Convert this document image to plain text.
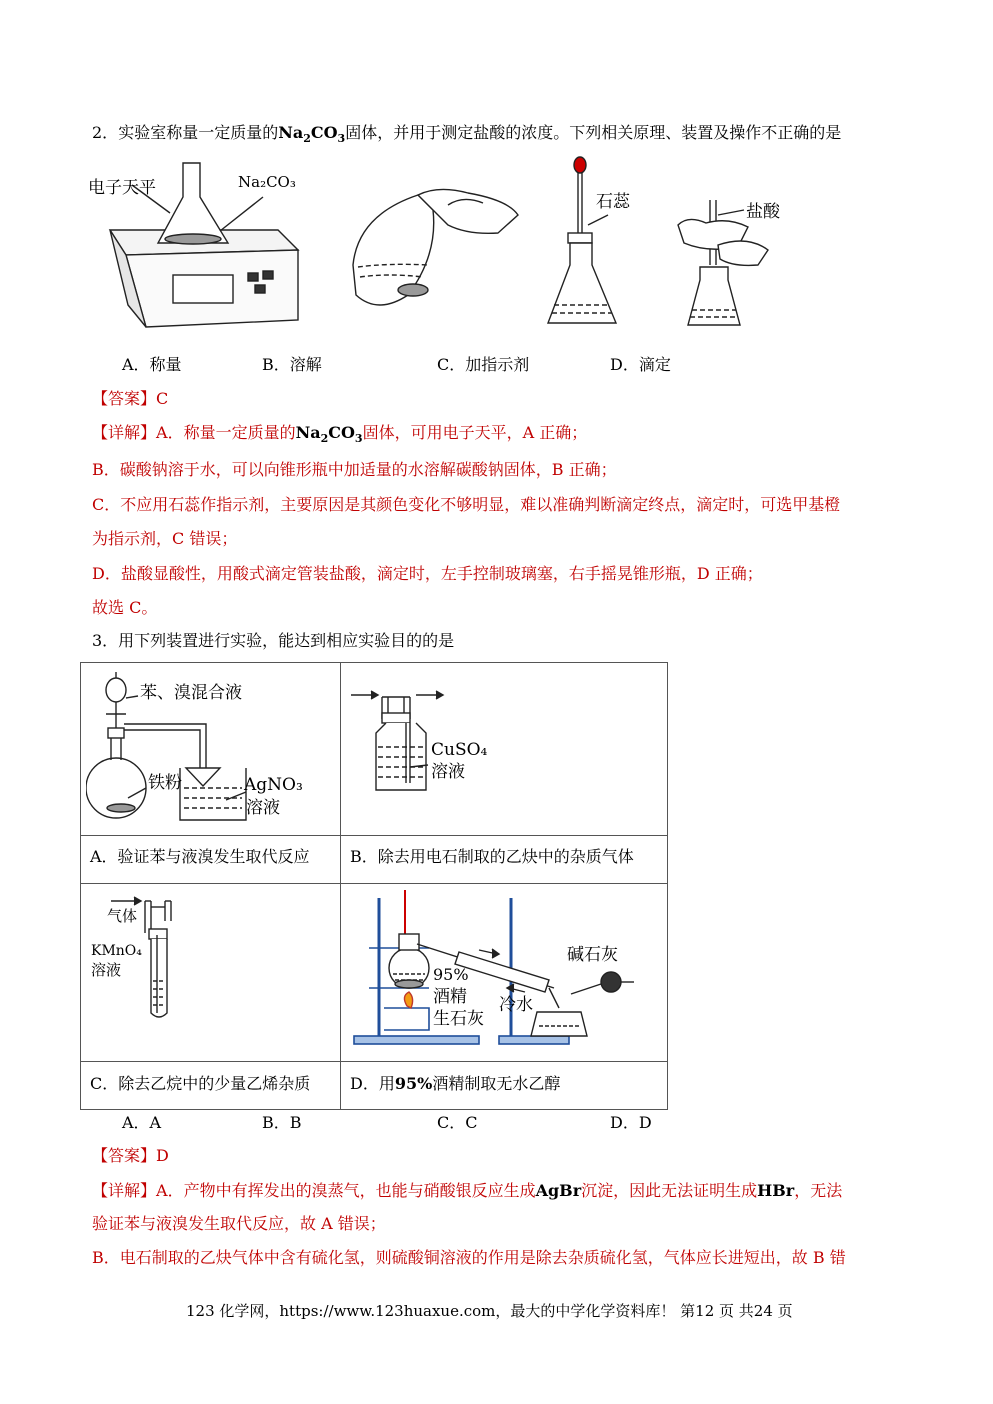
2．实验室称量一定质量的$Na_2CO_3$固体，并用于测定盐酸的浓度。下列相关原理、装置及操作不正确的是
电子天平	Na₂CO₃
石蕊	盐酸
A．称量	B．溶解	C．加指示剂	D．滴定
【答案】C
【详解】A．称量一定质量的$Na_2CO_3$固体，可用电子天平，A 正确；
B．碳酸钠溶于水，可以向锥形瓶中加适量的水溶解碳酸钠固体，B 正确；
C．不应用石蕊作指示剂，主要原因是其颜色变化不够明显，难以准确判断滴定终点，滴定时，可选甲基橙
为指示剂，C 错误；
D．盐酸显酸性，用酸式滴定管装盐酸，滴定时，左手控制玻璃塞，右手摇晃锥形瓶，D 正确；
故选 C。
3．用下列装置进行实验，能达到相应实验目的的是
苯、溴混合液
铁粉	AgNO₃
溶液
CuSO₄
溶液
A．验证苯与液溴发生取代反应	B．除去用电石制取的乙炔中的杂质气体
气体
KMnO₄
溶液
碱石灰
95%
酒精
生石灰
冷水
C．除去乙烷中的少量乙烯杂质 D．用95%酒精制取无水乙醇
A．A	B．B	C．C	D．D
【答案】D
【详解】A．产物中有挥发出的溴蒸气，也能与硝酸银反应生成AgBr沉淀，因此无法证明生成HBr，无法
验证苯与液溴发生取代反应，故 A 错误；
B．电石制取的乙炔气体中含有硫化氢，则硫酸铜溶液的作用是除去杂质硫化氢，气体应长进短出，故 B 错
123 化学网，https://www.123huaxue.com，最大的中学化学资料库！ 第12 页 共24 页
